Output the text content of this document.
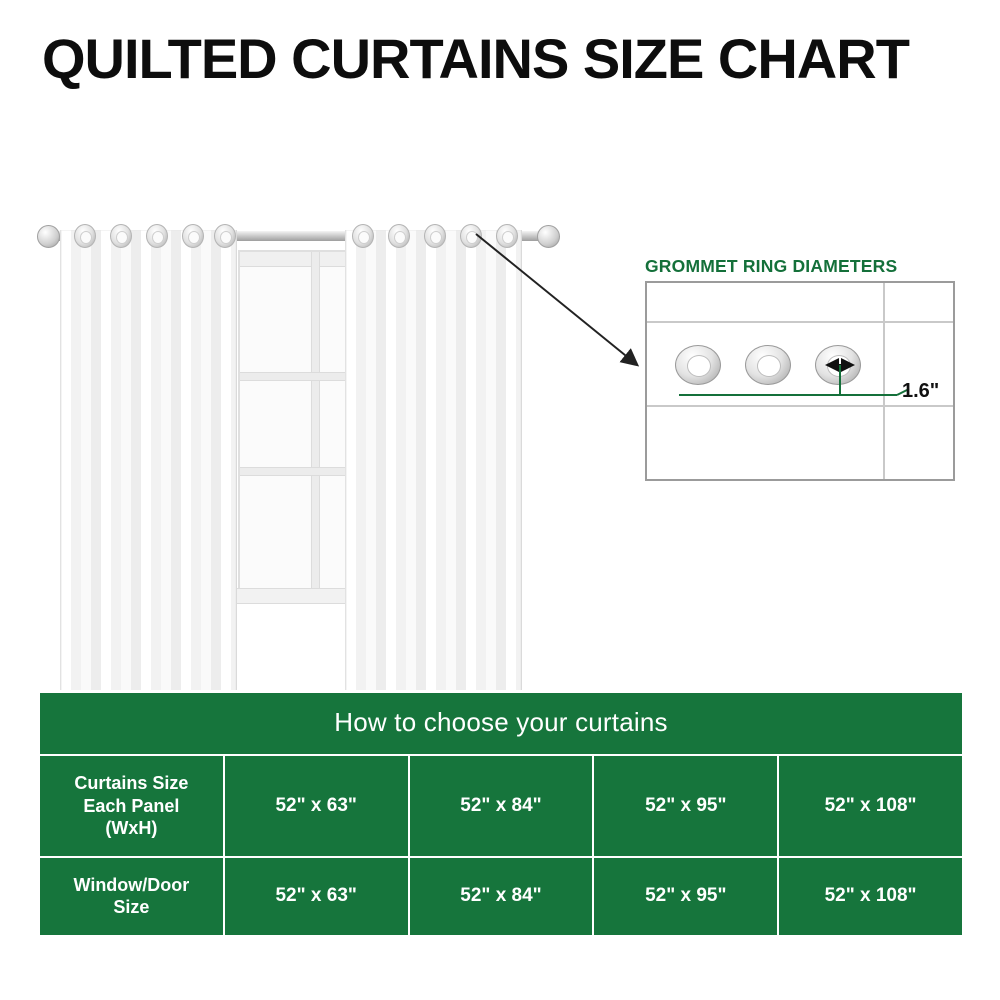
QUILTED CURTAINS SIZE CHART
GROMMET RING DIAMETERS
1.6"
How to choose your curtains				

Curtains Size
Each Panel
(WxH)	52" x 63"	52" x 84"	52" x 95"	52" x 108"

Window/Door
Size	52" x 63"	52" x 84"	52" x 95"	52" x 108"
